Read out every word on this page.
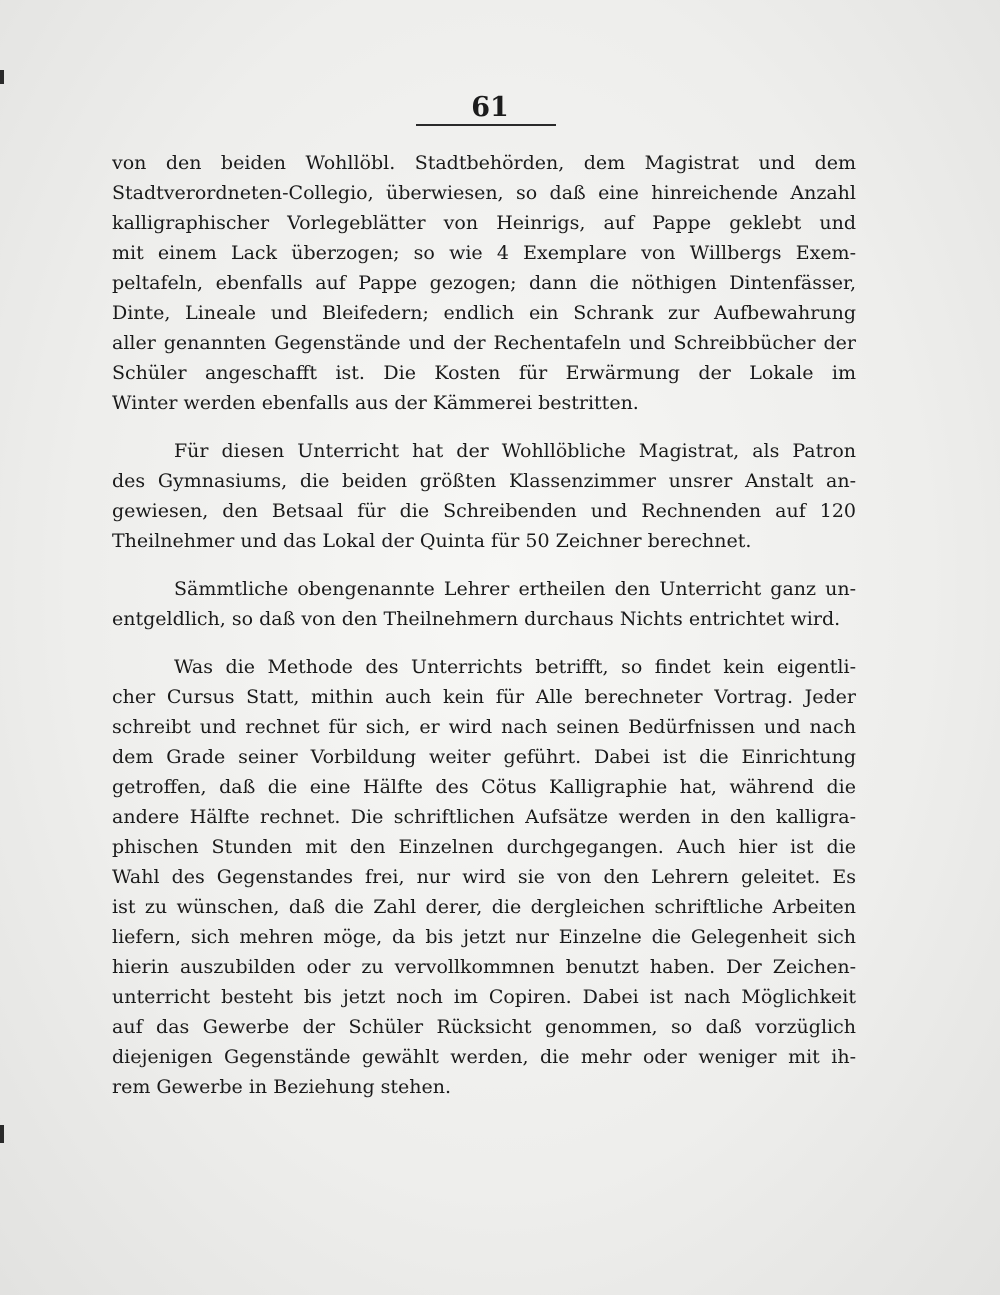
61
von den beiden Wohllöbl. Stadtbehörden, dem Magistrat und dem
Stadtverordneten-Collegio, überwiesen, so daß eine hinreichende Anzahl
kalligraphischer Vorlegeblätter von Heinrigs, auf Pappe geklebt und
mit einem Lack überzogen; so wie 4 Exemplare von Willbergs Exem-
peltafeln, ebenfalls auf Pappe gezogen; dann die nöthigen Dintenfässer,
Dinte, Lineale und Bleifedern; endlich ein Schrank zur Aufbewahrung
aller genannten Gegenstände und der Rechentafeln und Schreibbücher der
Schüler angeschafft ist. Die Kosten für Erwärmung der Lokale im
Winter werden ebenfalls aus der Kämmerei bestritten.
Für diesen Unterricht hat der Wohllöbliche Magistrat, als Patron
des Gymnasiums, die beiden größten Klassenzimmer unsrer Anstalt an-
gewiesen, den Betsaal für die Schreibenden und Rechnenden auf 120
Theilnehmer und das Lokal der Quinta für 50 Zeichner berechnet.
Sämmtliche obengenannte Lehrer ertheilen den Unterricht ganz un-
entgeldlich, so daß von den Theilnehmern durchaus Nichts entrichtet wird.
Was die Methode des Unterrichts betrifft, so findet kein eigentli-
cher Cursus Statt, mithin auch kein für Alle berechneter Vortrag. Jeder
schreibt und rechnet für sich, er wird nach seinen Bedürfnissen und nach
dem Grade seiner Vorbildung weiter geführt. Dabei ist die Einrichtung
getroffen, daß die eine Hälfte des Cötus Kalligraphie hat, während die
andere Hälfte rechnet. Die schriftlichen Aufsätze werden in den kalligra-
phischen Stunden mit den Einzelnen durchgegangen. Auch hier ist die
Wahl des Gegenstandes frei, nur wird sie von den Lehrern geleitet. Es
ist zu wünschen, daß die Zahl derer, die dergleichen schriftliche Arbeiten
liefern, sich mehren möge, da bis jetzt nur Einzelne die Gelegenheit sich
hierin auszubilden oder zu vervollkommnen benutzt haben. Der Zeichen-
unterricht besteht bis jetzt noch im Copiren. Dabei ist nach Möglichkeit
auf das Gewerbe der Schüler Rücksicht genommen, so daß vorzüglich
diejenigen Gegenstände gewählt werden, die mehr oder weniger mit ih-
rem Gewerbe in Beziehung stehen.
